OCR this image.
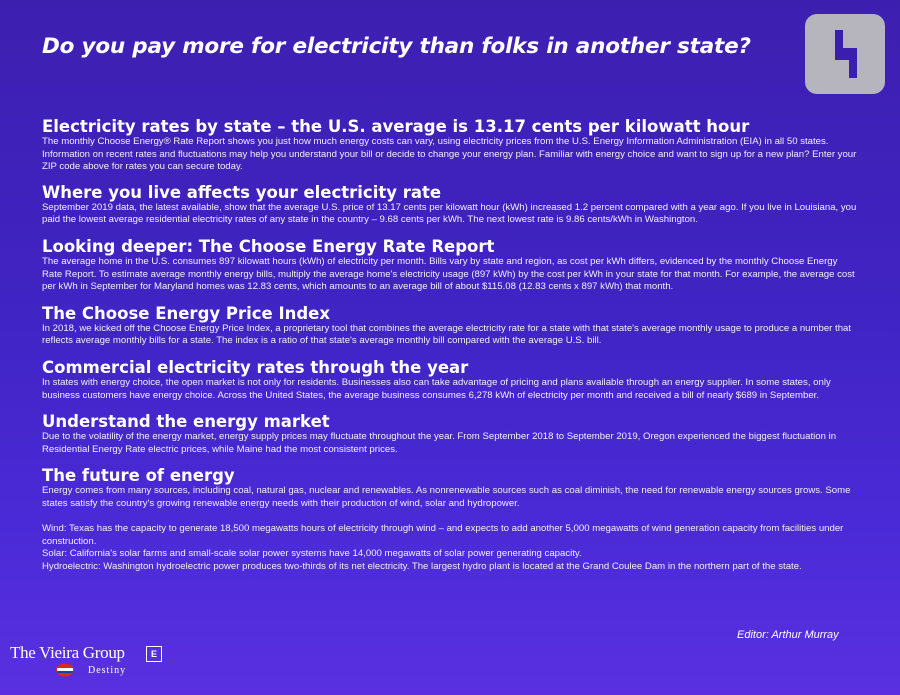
Do you pay more for electricity than folks in another state?
Electricity rates by state – the U.S. average is 13.17 cents per kilowatt hour

The monthly Choose Energy® Rate Report shows you just how much energy costs can vary, using electricity prices from the U.S. Energy Information Administration (EIA) in all 50 states. Information on recent rates and fluctuations may help you understand your bill or decide to change your energy plan. Familiar with energy choice and want to sign up for a new plan? Enter your ZIP code above for rates you can secure today.

Where you live affects your electricity rate

September 2019 data, the latest available, show that the average U.S. price of 13.17 cents per kilowatt hour (kWh) increased 1.2 percent compared with a year ago. If you live in Louisiana, you paid the lowest average residential electricity rates of any state in the country – 9.68 cents per kWh. The next lowest rate is 9.86 cents/kWh in Washington.

Looking deeper: The Choose Energy Rate Report

The average home in the U.S. consumes 897 kilowatt hours (kWh) of electricity per month. Bills vary by state and region, as cost per kWh differs, evidenced by the monthly Choose Energy Rate Report. To estimate average monthly energy bills, multiply the average home's electricity usage (897 kWh) by the cost per kWh in your state for that month. For example, the average cost per kWh in September for Maryland homes was 12.83 cents, which amounts to an average bill of about $115.08 (12.83 cents x 897 kWh) that month.

The Choose Energy Price Index

In 2018, we kicked off the Choose Energy Price Index, a proprietary tool that combines the average electricity rate for a state with that state's average monthly usage to produce a number that reflects average monthly bills for a state. The index is a ratio of that state's average monthly bill compared with the average U.S. bill.

Commercial electricity rates through the year

In states with energy choice, the open market is not only for residents. Businesses also can take advantage of pricing and plans available through an energy supplier. In some states, only business customers have energy choice. Across the United States, the average business consumes 6,278 kWh of electricity per month and received a bill of nearly $689 in September.

Understand the energy market

Due to the volatility of the energy market, energy supply prices may fluctuate throughout the year. From September 2018 to September 2019, Oregon experienced the biggest fluctuation in Residential Energy Rate electric prices, while Maine had the most consistent prices.

The future of energy

Energy comes from many sources, including coal, natural gas, nuclear and renewables. As nonrenewable sources such as coal diminish, the need for renewable energy sources grows. Some states satisfy the country's growing renewable energy needs with their production of wind, solar and hydropower.

Wind: Texas has the capacity to generate 18,500 megawatts hours of electricity through wind – and expects to add another 5,000 megawatts of wind generation capacity from facilities under construction.

Solar: California's solar farms and small-scale solar power systems have 14,000 megawatts of solar power generating capacity.

Hydroelectric: Washington hydroelectric power produces two-thirds of its net electricity. The largest hydro plant is located at the Grand Coulee Dam in the northern part of the state.

Editor: Arthur Murray
The Vieira Group	E
Destiny
